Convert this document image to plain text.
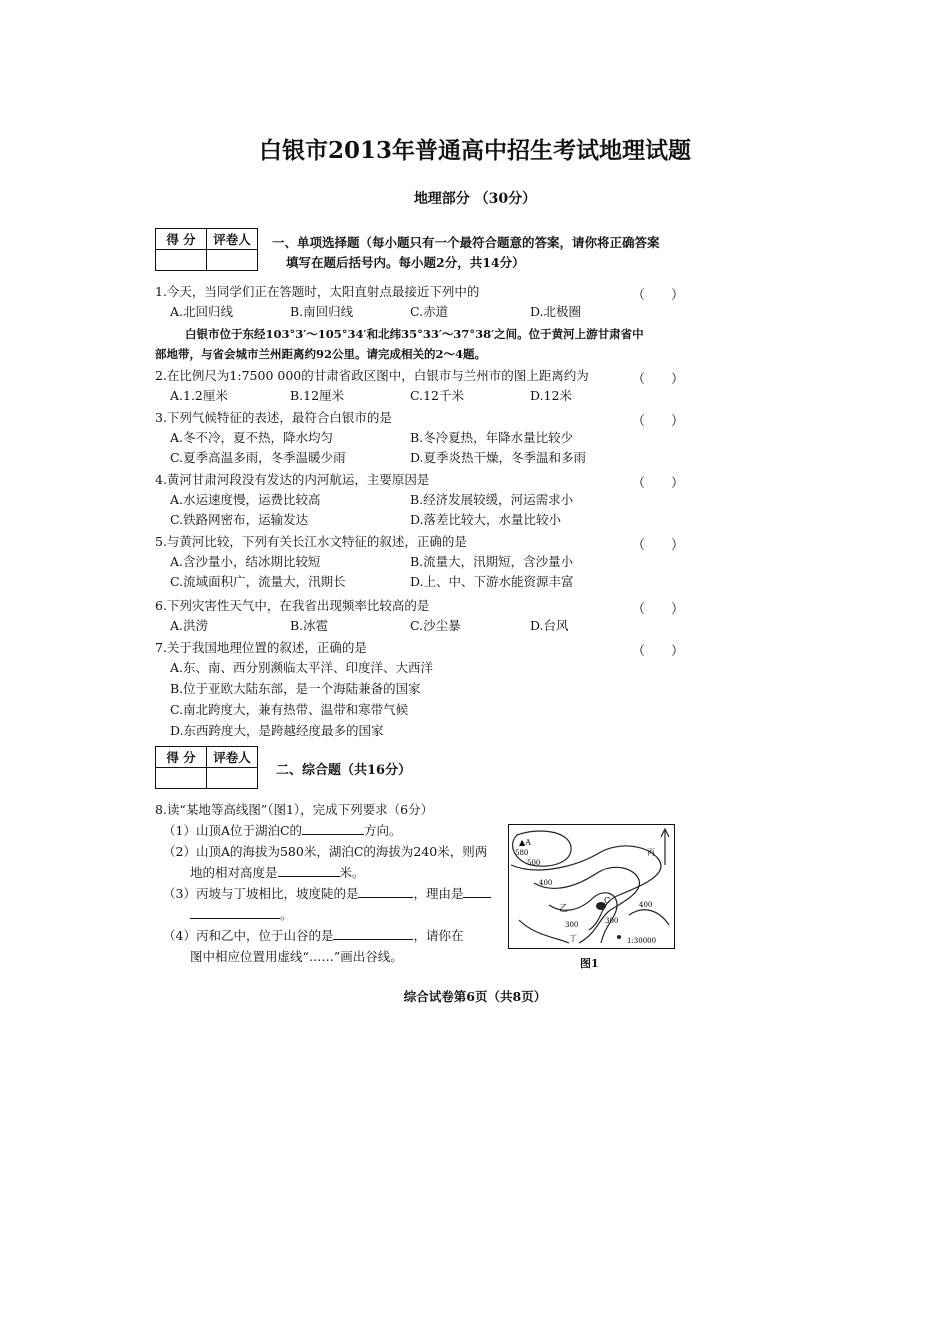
白银市2013年普通高中招生考试地理试题
地理部分 （30分）
得 分	评卷人
	一、单项选择题（每小题只有一个最符合题意的答案，请你将正确答案
填写在题后括号内。每小题2分，共14分）
1.今天，当同学们正在答题时，太阳直射点最接近下列中的	（　　）
A.北回归线	B.南回归线	C.赤道	D.北极圈
白银市位于东经103°3′～105°34′和北纬35°33′～37°38′之间。位于黄河上游甘肃省中
部地带，与省会城市兰州距离约92公里。请完成相关的2～4题。
2.在比例尺为1:7500 000的甘肃省政区图中，白银市与兰州市的图上距离约为	（　　）
A.1.2厘米	B.12厘米	C.12千米	D.12米
3.下列气候特征的表述，最符合白银市的是	（　　）
A.冬不冷，夏不热，降水均匀	B.冬冷夏热，年降水量比较少
C.夏季高温多雨，冬季温暖少雨	D.夏季炎热干燥，冬季温和多雨
4.黄河甘肃河段没有发达的内河航运，主要原因是	（　　）
A.水运速度慢，运费比较高	B.经济发展较缓，河运需求小
C.铁路网密布，运输发达	D.落差比较大，水量比较小
5.与黄河比较，下列有关长江水文特征的叙述，正确的是	（　　）
A.含沙量小，结冰期比较短	B.流量大，汛期短，含沙量小
C.流域面积广，流量大，汛期长	D.上、中、下游水能资源丰富
6.下列灾害性天气中，在我省出现频率比较高的是	（　　）
A.洪涝	B.冰雹	C.沙尘暴	D.台风
7.关于我国地理位置的叙述，正确的是	（　　）
A.东、南、西分别濒临太平洋、印度洋、大西洋
B.位于亚欧大陆东部，是一个海陆兼备的国家
C.南北跨度大，兼有热带、温带和寒带气候
D.东西跨度大，是跨越经度最多的国家
得 分	评卷人

二、综合题（共16分）
8.读“某地等高线图”（图1），完成下列要求（6分）
（1）山顶A位于湖泊C的	方向。
（2）山顶A的海拔为580米，湖泊C的海拔为240米，则两
地的相对高度是	米。
（3）丙坡与丁坡相比，坡度陡的是	，理由是
。
（4）丙和乙中，位于山谷的是	，请你在
图中相应位置用虚线“……”画出谷线。
▲A
580
500
400
400
300
300
C
乙
丁
丙
1:30000
图1
综合试卷第6页（共8页）
